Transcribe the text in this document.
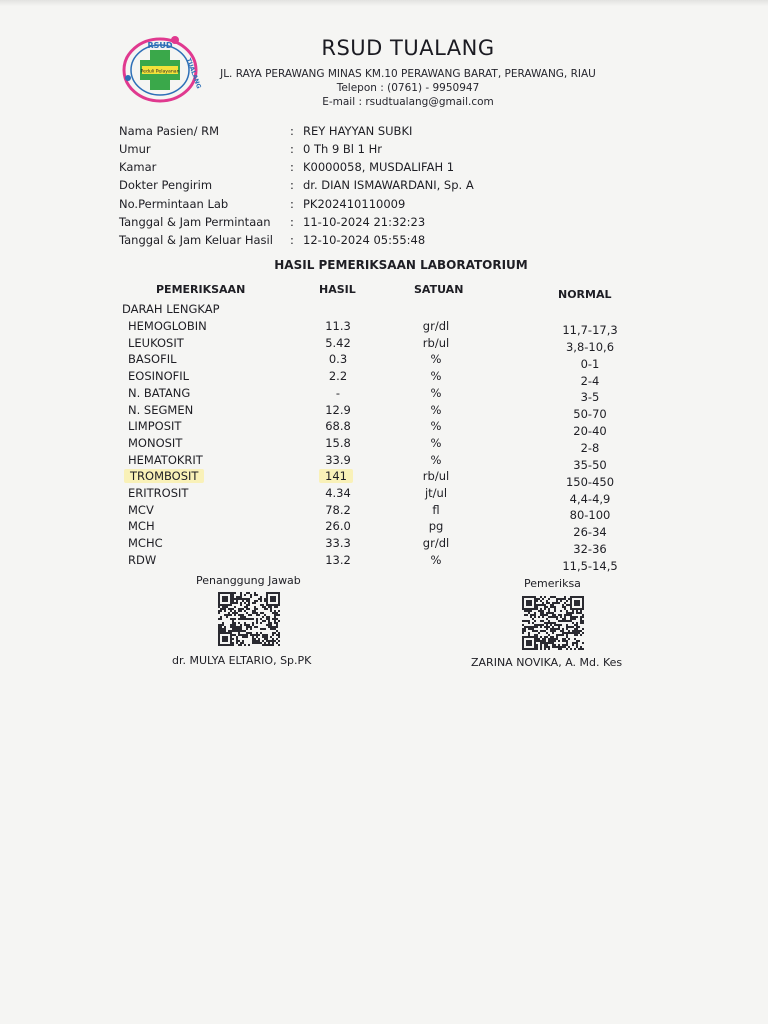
Peduli Pelayanan
RSUD
TUALANG
RSUD TUALANG
JL. RAYA PERAWANG MINAS KM.10 PERAWANG BARAT, PERAWANG, RIAU
Telepon : (0761) - 9950947
E-mail : rsudtualang@gmail.com
Nama Pasien/ RM	: REY HAYYAN SUBKI
Umur	: 0 Th 9 Bl 1 Hr
Kamar	: K0000058, MUSDALIFAH 1
Dokter Pengirim	: dr. DIAN ISMAWARDANI, Sp. A
No.Permintaan Lab	: PK202410110009
Tanggal & Jam Permintaan : 11-10-2024 21:32:23
Tanggal & Jam Keluar Hasil : 12-10-2024 05:55:48
HASIL PEMERIKSAAN LABORATORIUM
PEMERIKSAAN	HASIL	SATUAN	NORMAL
DARAH LENGKAP
HEMOGLOBIN	11.3	gr/dl	11,7-17,3
LEUKOSIT	5.42	rb/ul	3,8-10,6
BASOFIL	0.3	%	0-1
EOSINOFIL	2.2	%	2-4
N. BATANG	-	%	3-5
N. SEGMEN	12.9	%	50-70
LIMPOSIT	68.8	%	20-40
MONOSIT	15.8	%	2-8
HEMATOKRIT	33.9	%	35-50
TROMBOSIT	141	rb/ul	150-450
ERITROSIT	4.34	jt/ul	4,4-4,9
MCV	78.2	fl	80-100
MCH	26.0	pg	26-34
MCHC	33.3	gr/dl	32-36
RDW	13.2	%	11,5-14,5
Penanggung Jawab
dr. MULYA ELTARIO, Sp.PK
Pemeriksa
ZARINA NOVIKA, A. Md. Kes
